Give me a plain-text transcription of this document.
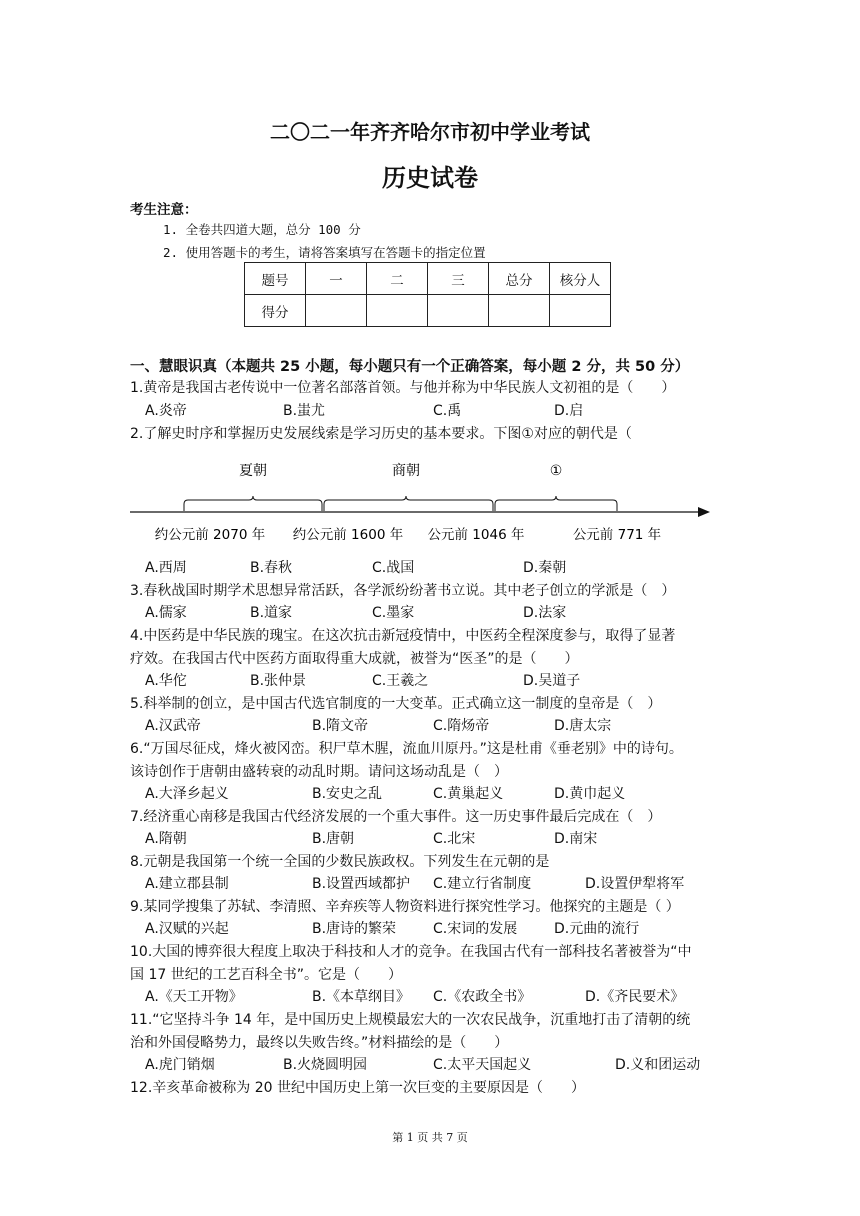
二〇二一年齐齐哈尔市初中学业考试
历史试卷
考生注意：
1. 全卷共四道大题，总分 100 分
2. 使用答题卡的考生，请将答案填写在答题卡的指定位置
题号	一	二	三	总分	核分人
得分					
一、慧眼识真（本题共 25 小题，每小题只有一个正确答案，每小题 2 分，共 50 分）
1.黄帝是我国古老传说中一位著名部落首领。与他并称为中华民族人文初祖的是（　　）
A.炎帝	B.蚩尤	C.禹	D.启
2.了解史时序和掌握历史发展线索是学习历史的基本要求。下图①对应的朝代是（
夏朝	商朝	①
约公元前 2070 年 约公元前 1600 年 公元前 1046 年	公元前 771 年
A.西周	B.春秋	C.战国	D.秦朝
3.春秋战国时期学术思想异常活跃，各学派纷纷著书立说。其中老子创立的学派是（　）
A.儒家	B.道家	C.墨家	D.法家
4.中医药是中华民族的瑰宝。在这次抗击新冠疫情中，中医药全程深度参与，取得了显著
疗效。在我国古代中医药方面取得重大成就，被誉为“医圣”的是（　　）
A.华佗	B.张仲景	C.王羲之	D.吴道子
5.科举制的创立，是中国古代选官制度的一大变革。正式确立这一制度的皇帝是（　）
A.汉武帝	B.隋文帝	C.隋炀帝	D.唐太宗
6.“万国尽征戍，烽火被冈峦。积尸草木腥，流血川原丹。”这是杜甫《垂老别》中的诗句。
该诗创作于唐朝由盛转衰的动乱时期。请问这场动乱是（　）
A.大泽乡起义	B.安史之乱	C.黄巢起义	D.黄巾起义
7.经济重心南移是我国古代经济发展的一个重大事件。这一历史事件最后完成在（　）
A.隋朝	B.唐朝	C.北宋	D.南宋
8.元朝是我国第一个统一全国的少数民族政权。下列发生在元朝的是
A.建立郡县制	B.设置西域都护 C.建立行省制度	D.设置伊犁将军
9.某同学搜集了苏轼、李清照、辛弃疾等人物资料进行探究性学习。他探究的主题是（ ）
A.汉赋的兴起	B.唐诗的繁荣	C.宋词的发展	D.元曲的流行
10.大国的博弈很大程度上取决于科技和人才的竞争。在我国古代有一部科技名著被誉为“中
国 17 世纪的工艺百科全书”。它是（　　）
A.《天工开物》	B.《本草纲目》 C.《农政全书》	D.《齐民要术》
11.“它坚持斗争 14 年，是中国历史上规模最宏大的一次农民战争，沉重地打击了清朝的统
治和外国侵略势力，最终以失败告终。”材料描绘的是（　　）
A.虎门销烟	B.火烧圆明园	C.太平天国起义	D.义和团运动
12.辛亥革命被称为 20 世纪中国历史上第一次巨变的主要原因是（　　）
第 1 页 共 7 页
